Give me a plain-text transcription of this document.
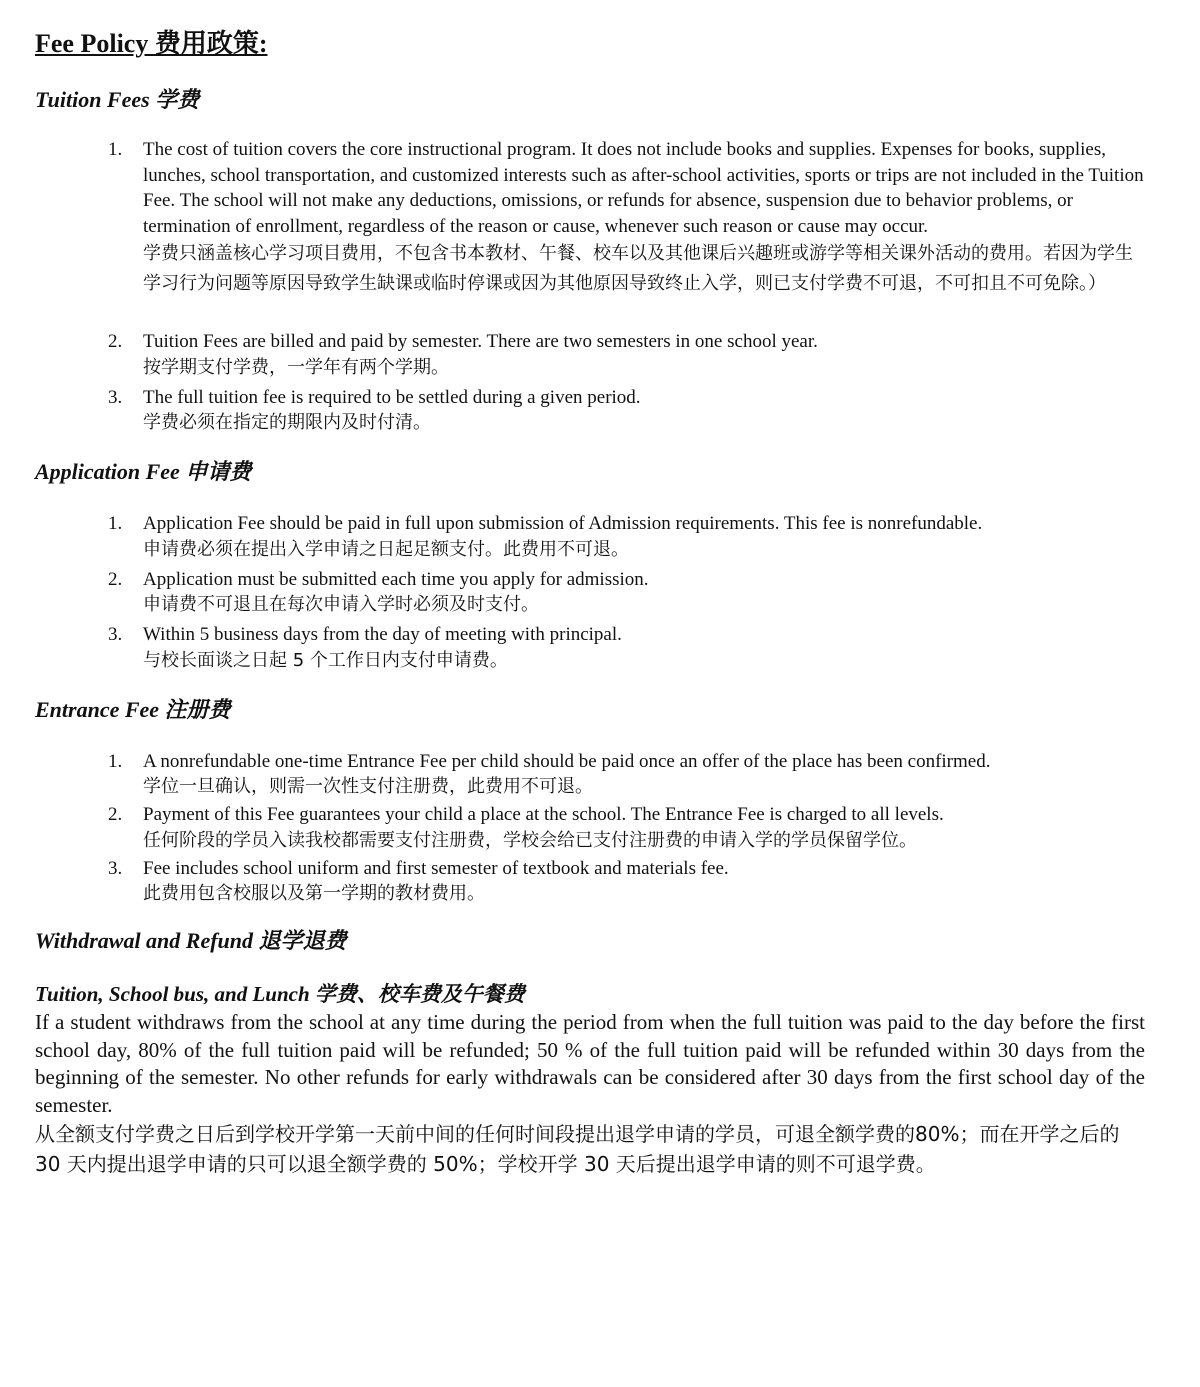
Fee Policy 费用政策:
Tuition Fees 学费
1. The cost of tuition covers the core instructional program. It does not include books and supplies. Expenses for books, supplies, lunches, school transportation, and customized interests such as after-school activities, sports or trips are not included in the Tuition Fee. The school will not make any deductions, omissions, or refunds for absence, suspension due to behavior problems, or termination of enrollment, regardless of the reason or cause, whenever such reason or cause may occur.
学费只涵盖核心学习项目费用，不包含书本教材、午餐、校车以及其他课后兴趣班或游学等相关课外活动的费用。若因为学生学习行为问题等原因导致学生缺课或临时停课或因为其他原因导致终止入学，则已支付学费不可退，不可扣且不可免除。）
2. Tuition Fees are billed and paid by semester. There are two semesters in one school year.
按学期支付学费，一学年有两个学期。
3. The full tuition fee is required to be settled during a given period.
学费必须在指定的期限内及时付清。
Application Fee 申请费
1. Application Fee should be paid in full upon submission of Admission requirements. This fee is nonrefundable.
申请费必须在提出入学申请之日起足额支付。此费用不可退。
2. Application must be submitted each time you apply for admission.
申请费不可退且在每次申请入学时必须及时支付。
3. Within 5 business days from the day of meeting with principal.
与校长面谈之日起 5 个工作日内支付申请费。
Entrance Fee 注册费
1. A nonrefundable one-time Entrance Fee per child should be paid once an offer of the place has been confirmed.
学位一旦确认，则需一次性支付注册费，此费用不可退。
2. Payment of this Fee guarantees your child a place at the school. The Entrance Fee is charged to all levels.
任何阶段的学员入读我校都需要支付注册费，学校会给已支付注册费的申请入学的学员保留学位。
3. Fee includes school uniform and first semester of textbook and materials fee.
此费用包含校服以及第一学期的教材费用。
Withdrawal and Refund 退学退费
Tuition, School bus, and Lunch 学费、校车费及午餐费

If a student withdraws from the school at any time during the period from when the full tuition was paid to the day before the first school day, 80% of the full tuition paid will be refunded; 50 % of the full tuition paid will be refunded within 30 days from the beginning of the semester. No other refunds for early withdrawals can be considered after 30 days from the first school day of the semester.

从全额支付学费之日后到学校开学第一天前中间的任何时间段提出退学申请的学员，可退全额学费的80%；而在开学之后的 30 天内提出退学申请的只可以退全额学费的 50%；学校开学 30 天后提出退学申请的则不可退学费。
